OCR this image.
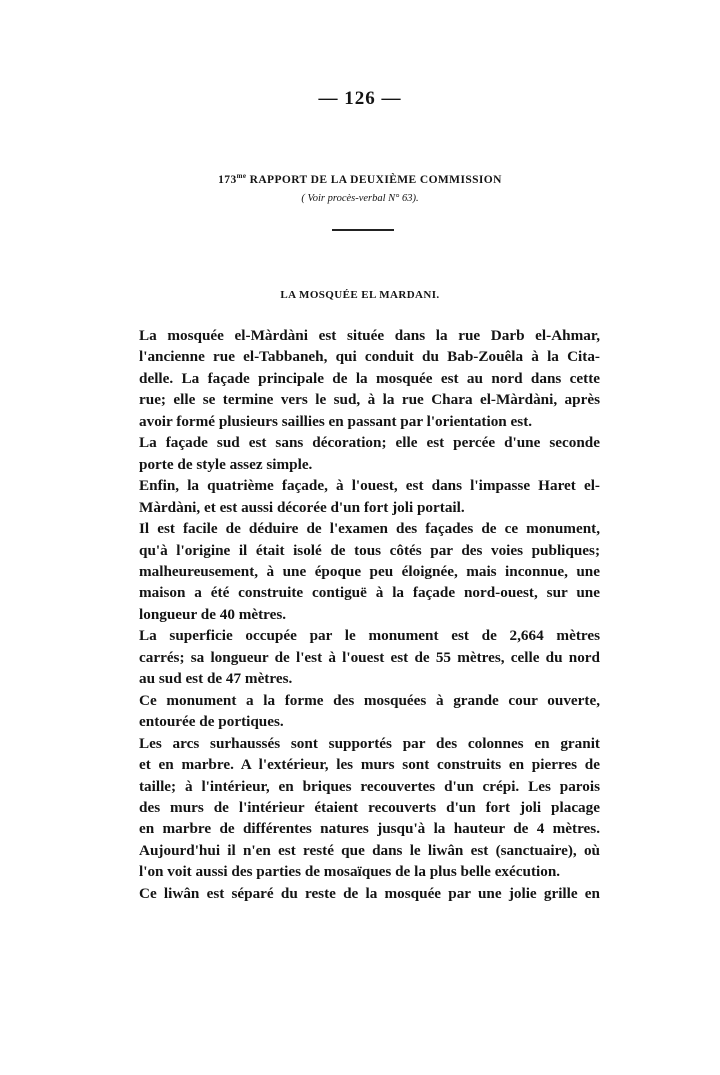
— 126 —
$173^{me}$ RAPPORT DE LA DEUXIÈME COMMISSION
( Voir procès-verbal N° 63).
LA MOSQUÉE EL MARDANI.

La mosquée el-Màrdàni est située dans la rue Darb el-Ahmar,
l'ancienne rue el-Tabbaneh, qui conduit du Bab-Zouêla à la Cita-
delle. La façade principale de la mosquée est au nord dans cette
rue; elle se termine vers le sud, à la rue Chara el-Màrdàni, après
avoir formé plusieurs saillies en passant par l'orientation est.

La façade sud est sans décoration; elle est percée d'une seconde
porte de style assez simple.

Enfin, la quatrième façade, à l'ouest, est dans l'impasse Haret el-
Màrdàni, et est aussi décorée d'un fort joli portail.

Il est facile de déduire de l'examen des façades de ce monument,
qu'à l'origine il était isolé de tous côtés par des voies publiques;
malheureusement, à une époque peu éloignée, mais inconnue, une
maison a été construite contiguë à la façade nord-ouest, sur une
longueur de 40 mètres.

La superficie occupée par le monument est de 2,664 mètres
carrés; sa longueur de l'est à l'ouest est de 55 mètres, celle du nord
au sud est de 47 mètres.

Ce monument a la forme des mosquées à grande cour ouverte,
entourée de portiques.

Les arcs surhaussés sont supportés par des colonnes en granit
et en marbre. A l'extérieur, les murs sont construits en pierres de
taille; à l'intérieur, en briques recouvertes d'un crépi. Les parois
des murs de l'intérieur étaient recouverts d'un fort joli placage
en marbre de différentes natures jusqu'à la hauteur de 4 mètres.
Aujourd'hui il n'en est resté que dans le liwân est (sanctuaire), où
l'on voit aussi des parties de mosaïques de la plus belle exécution.

Ce liwân est séparé du reste de la mosquée par une jolie grille en
